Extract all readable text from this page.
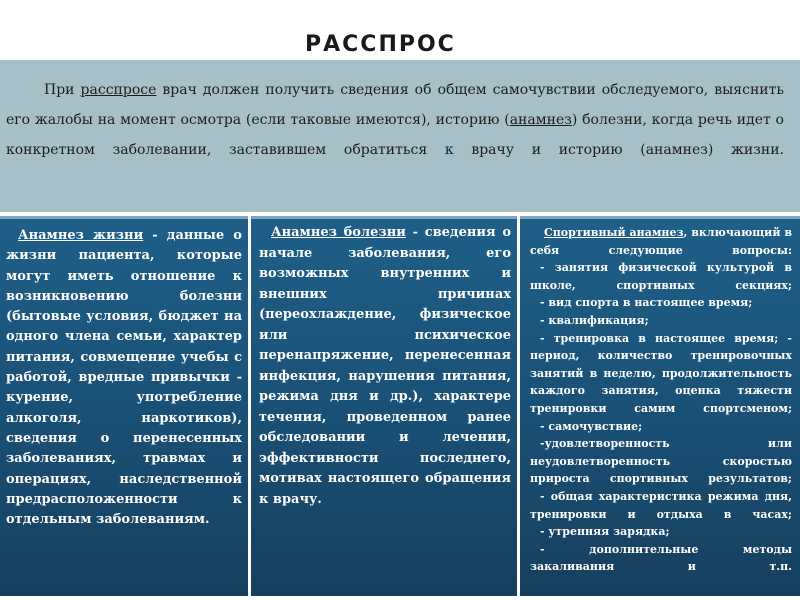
РАССПРОС

При расспросе врач должен получить сведения об общем самочувствии обследуемого, выяснить его жалобы на момент осмотра (если таковые имеются), историю (анамнез) болезни, когда речь идет о конкретном заболевании, заставившем обратиться к врачу и историю (анамнез) жизни.

Анамнез жизни - данные о жизни пациента, которые могут иметь отношение к возникновению болезни (бытовые условия, бюджет на одного члена семьи, характер питания, совмещение учебы с работой, вредные привычки - курение, употребление алкоголя, наркотиков), сведения о перенесенных заболеваниях, травмах и операциях, наследственной предрасположенности к отдельным заболеваниям.

Анамнез болезни - сведения о начале заболевания, его возможных внутренних и внешних причинах (переохлаждение, физическое или психическое перенапряжение, перенесенная инфекция, нарушения питания, режима дня и др.), характере течения, проведенном ранее обследовании и лечении, эффективности последнего, мотивах настоящего обращения к врачу.

Спортивный анамнез, включающий в себя следующие вопросы:

- занятия физической культурой в школе, спортивных секциях;

- вид спорта в настоящее время;

- квалификация;

- тренировка в настоящее время; - период, количество тренировочных занятий в неделю, продолжительность каждого занятия, оценка тяжести тренировки самим спортсменом;

- самочувствие;

-удовлетворенность или неудовлетворенность скоростью прироста спортивных результатов;

- общая характеристика режима дня, тренировки и отдыха в часах;

- утренняя зарядка;

- дополнительные методы закаливания и т.п.
